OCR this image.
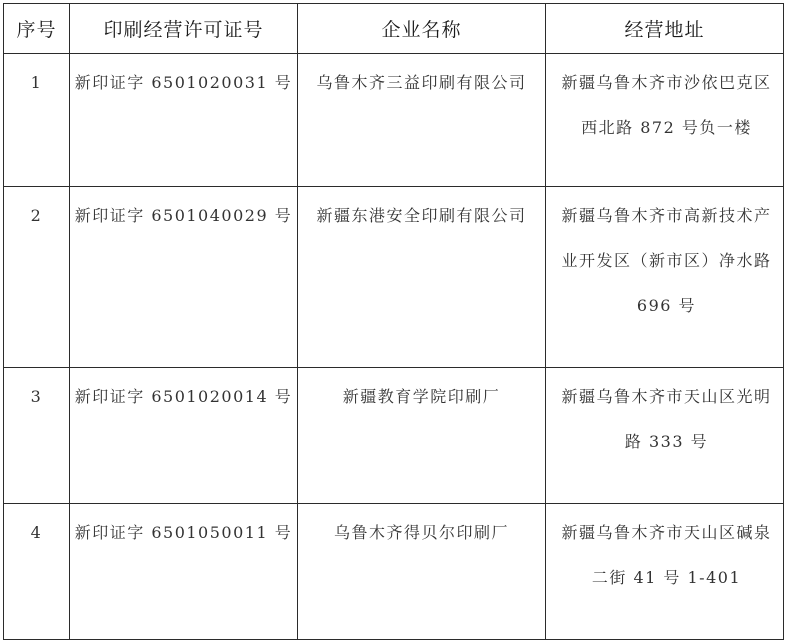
序号	印刷经营许可证号	企业名称	经营地址
1	新印证字 6501020031 号	乌鲁木齐三益印刷有限公司	新疆乌鲁木齐市沙依巴克区西北路 872 号负一楼
2	新印证字 6501040029 号	新疆东港安全印刷有限公司	新疆乌鲁木齐市高新技术产业开发区（新市区）净水路 696 号
3	新印证字 6501020014 号	新疆教育学院印刷厂	新疆乌鲁木齐市天山区光明路 333 号
4	新印证字 6501050011 号	乌鲁木齐得贝尔印刷厂	新疆乌鲁木齐市天山区碱泉二街 41 号 1-401
